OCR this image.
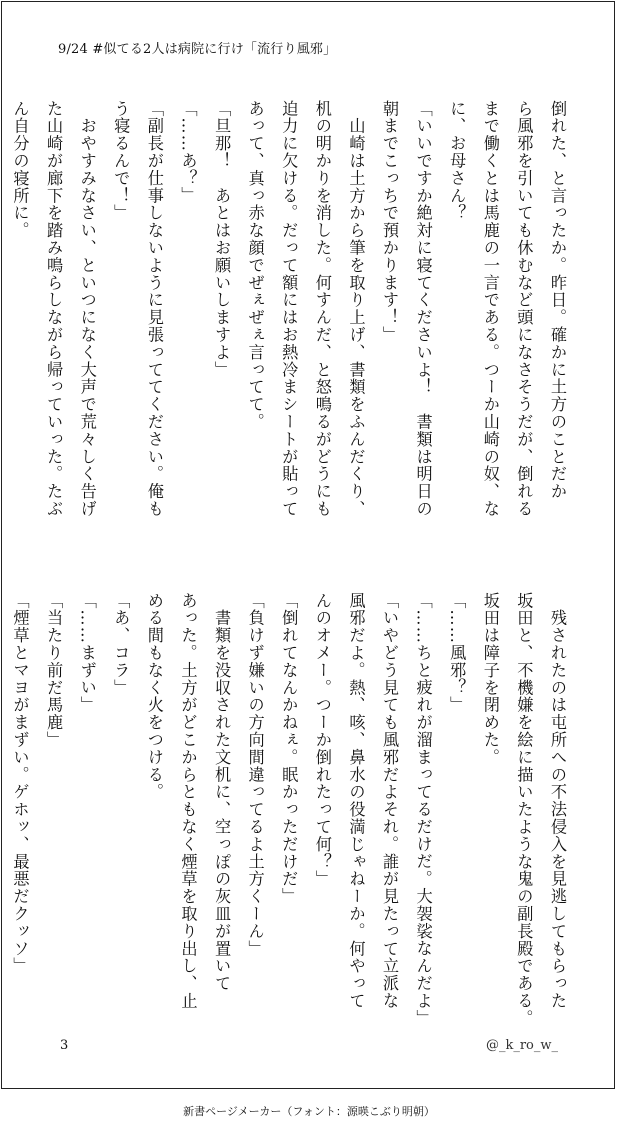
9/24 #似てる2人は病院に行け「流行り風邪」
倒れた、と言ったか。昨日。確かに土方のことだか
ら風邪を引いても休むなど頭になさそうだが、倒れる
まで働くとは馬鹿の一言である。つーか山崎の奴、な
に、お母さん？
「いいですか絶対に寝てくださいよ！　書類は明日の
朝までこっちで預かります！」
　山崎は土方から筆を取り上げ、書類をふんだくり、
机の明かりを消した。何すんだ、と怒鳴るがどうにも
迫力に欠ける。だって額にはお熱冷まシートが貼って
あって、真っ赤な顔でぜぇぜぇ言ってて。
「旦那！　あとはお願いしますよ」
「……あ？」
「副長が仕事しないように見張っててください。俺も
う寝るんで！」
　おやすみなさい、といつになく大声で荒々しく告げ
た山崎が廊下を踏み鳴らしながら帰っていった。たぶ
ん自分の寝所に。
　残されたのは屯所への不法侵入を見逃してもらった
坂田と、不機嫌を絵に描いたような鬼の副長殿である。
坂田は障子を閉めた。
「……風邪？」
「……ちと疲れが溜まってるだけだ。大袈裟なんだよ」
「いやどう見ても風邪だよそれ。誰が見たって立派な
風邪だよ。熱、咳、鼻水の役満じゃねーか。何やって
んのオメー。つーか倒れたって何？」
「倒れてなんかねぇ。眠かっただけだ」
「負けず嫌いの方向間違ってるよ土方くーん」
　書類を没収された文机に、空っぽの灰皿が置いて
あった。土方がどこからともなく煙草を取り出し、止
める間もなく火をつける。
「あ、コラ」
「……まずい」
「当たり前だ馬鹿」
「煙草とマヨがまずい。ゲホッ、最悪だクッソ」
3	@_k_ro_w_
新書ページメーカー（フォント：源暎こぶり明朝）
